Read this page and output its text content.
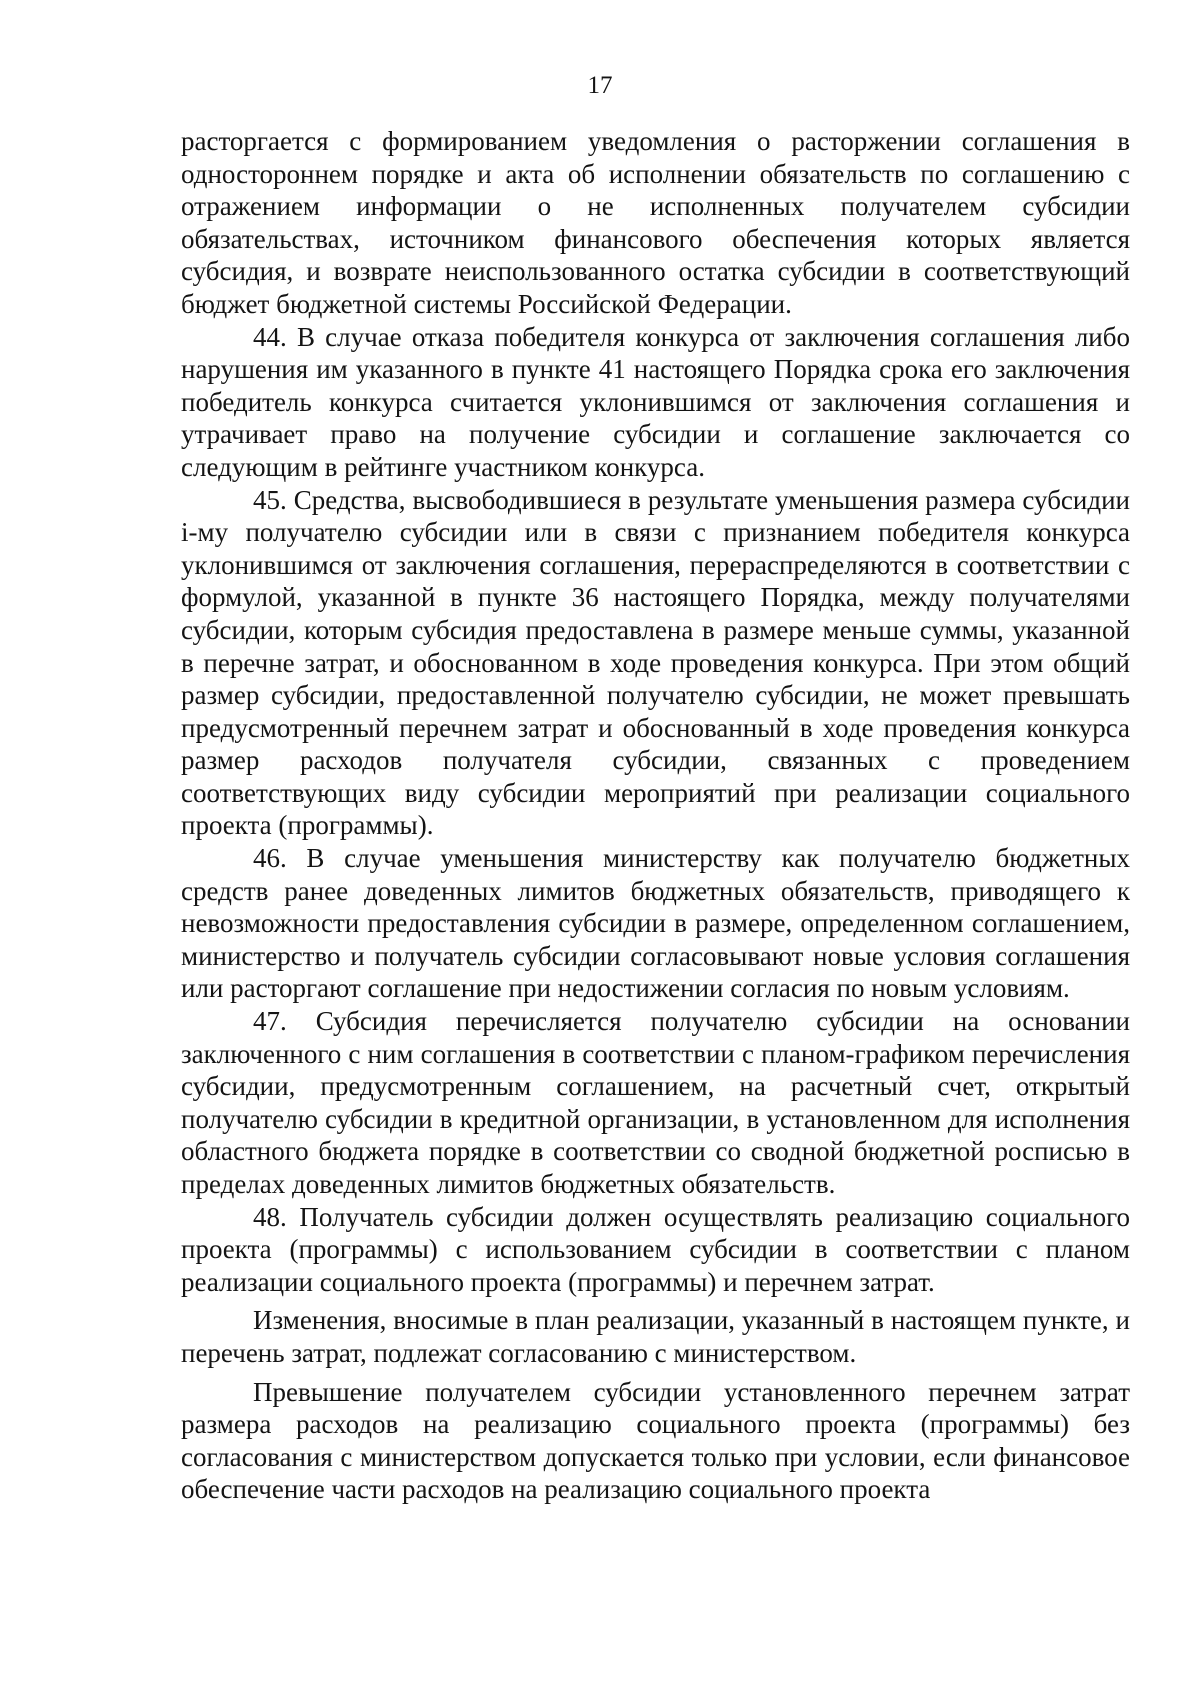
17

расторгается с формированием уведомления о расторжении соглашения в одностороннем порядке и акта об исполнении обязательств по соглашению с отражением информации о не исполненных получателем субсидии обязательствах, источником финансового обеспечения которых является субсидия, и возврате неиспользованного остатка субсидии в соответствующий бюджет бюджетной системы Российской Федерации.

44. В случае отказа победителя конкурса от заключения соглашения либо нарушения им указанного в пункте 41 настоящего Порядка срока его заключения победитель конкурса считается уклонившимся от заключения соглашения и утрачивает право на получение субсидии и соглашение заключается со следующим в рейтинге участником конкурса.

45. Средства, высвободившиеся в результате уменьшения размера субсидии i-му получателю субсидии или в связи с признанием победителя конкурса уклонившимся от заключения соглашения, перераспределяются в соответствии с формулой, указанной в пункте 36 настоящего Порядка, между получателями субсидии, которым субсидия предоставлена в размере меньше суммы, указанной в перечне затрат, и обоснованном в ходе проведения конкурса. При этом общий размер субсидии, предоставленной получателю субсидии, не может превышать предусмотренный перечнем затрат и обоснованный в ходе проведения конкурса размер расходов получателя субсидии, связанных с проведением соответствующих виду субсидии мероприятий при реализации социального проекта (программы).

46. В случае уменьшения министерству как получателю бюджетных средств ранее доведенных лимитов бюджетных обязательств, приводящего к невозможности предоставления субсидии в размере, определенном соглашением, министерство и получатель субсидии согласовывают новые условия соглашения или расторгают соглашение при недостижении согласия по новым условиям.

47. Субсидия перечисляется получателю субсидии на основании заключенного с ним соглашения в соответствии с планом-графиком перечисления субсидии, предусмотренным соглашением, на расчетный счет, открытый получателю субсидии в кредитной организации, в установленном для исполнения областного бюджета порядке в соответствии со сводной бюджетной росписью в пределах доведенных лимитов бюджетных обязательств.

48. Получатель субсидии должен осуществлять реализацию социального проекта (программы) с использованием субсидии в соответствии с планом реализации социального проекта (программы) и перечнем затрат.

Изменения, вносимые в план реализации, указанный в настоящем пункте, и перечень затрат, подлежат согласованию с министерством.

Превышение получателем субсидии установленного перечнем затрат размера расходов на реализацию социального проекта (программы) без согласования с министерством допускается только при условии, если финансовое обеспечение части расходов на реализацию социального проекта
